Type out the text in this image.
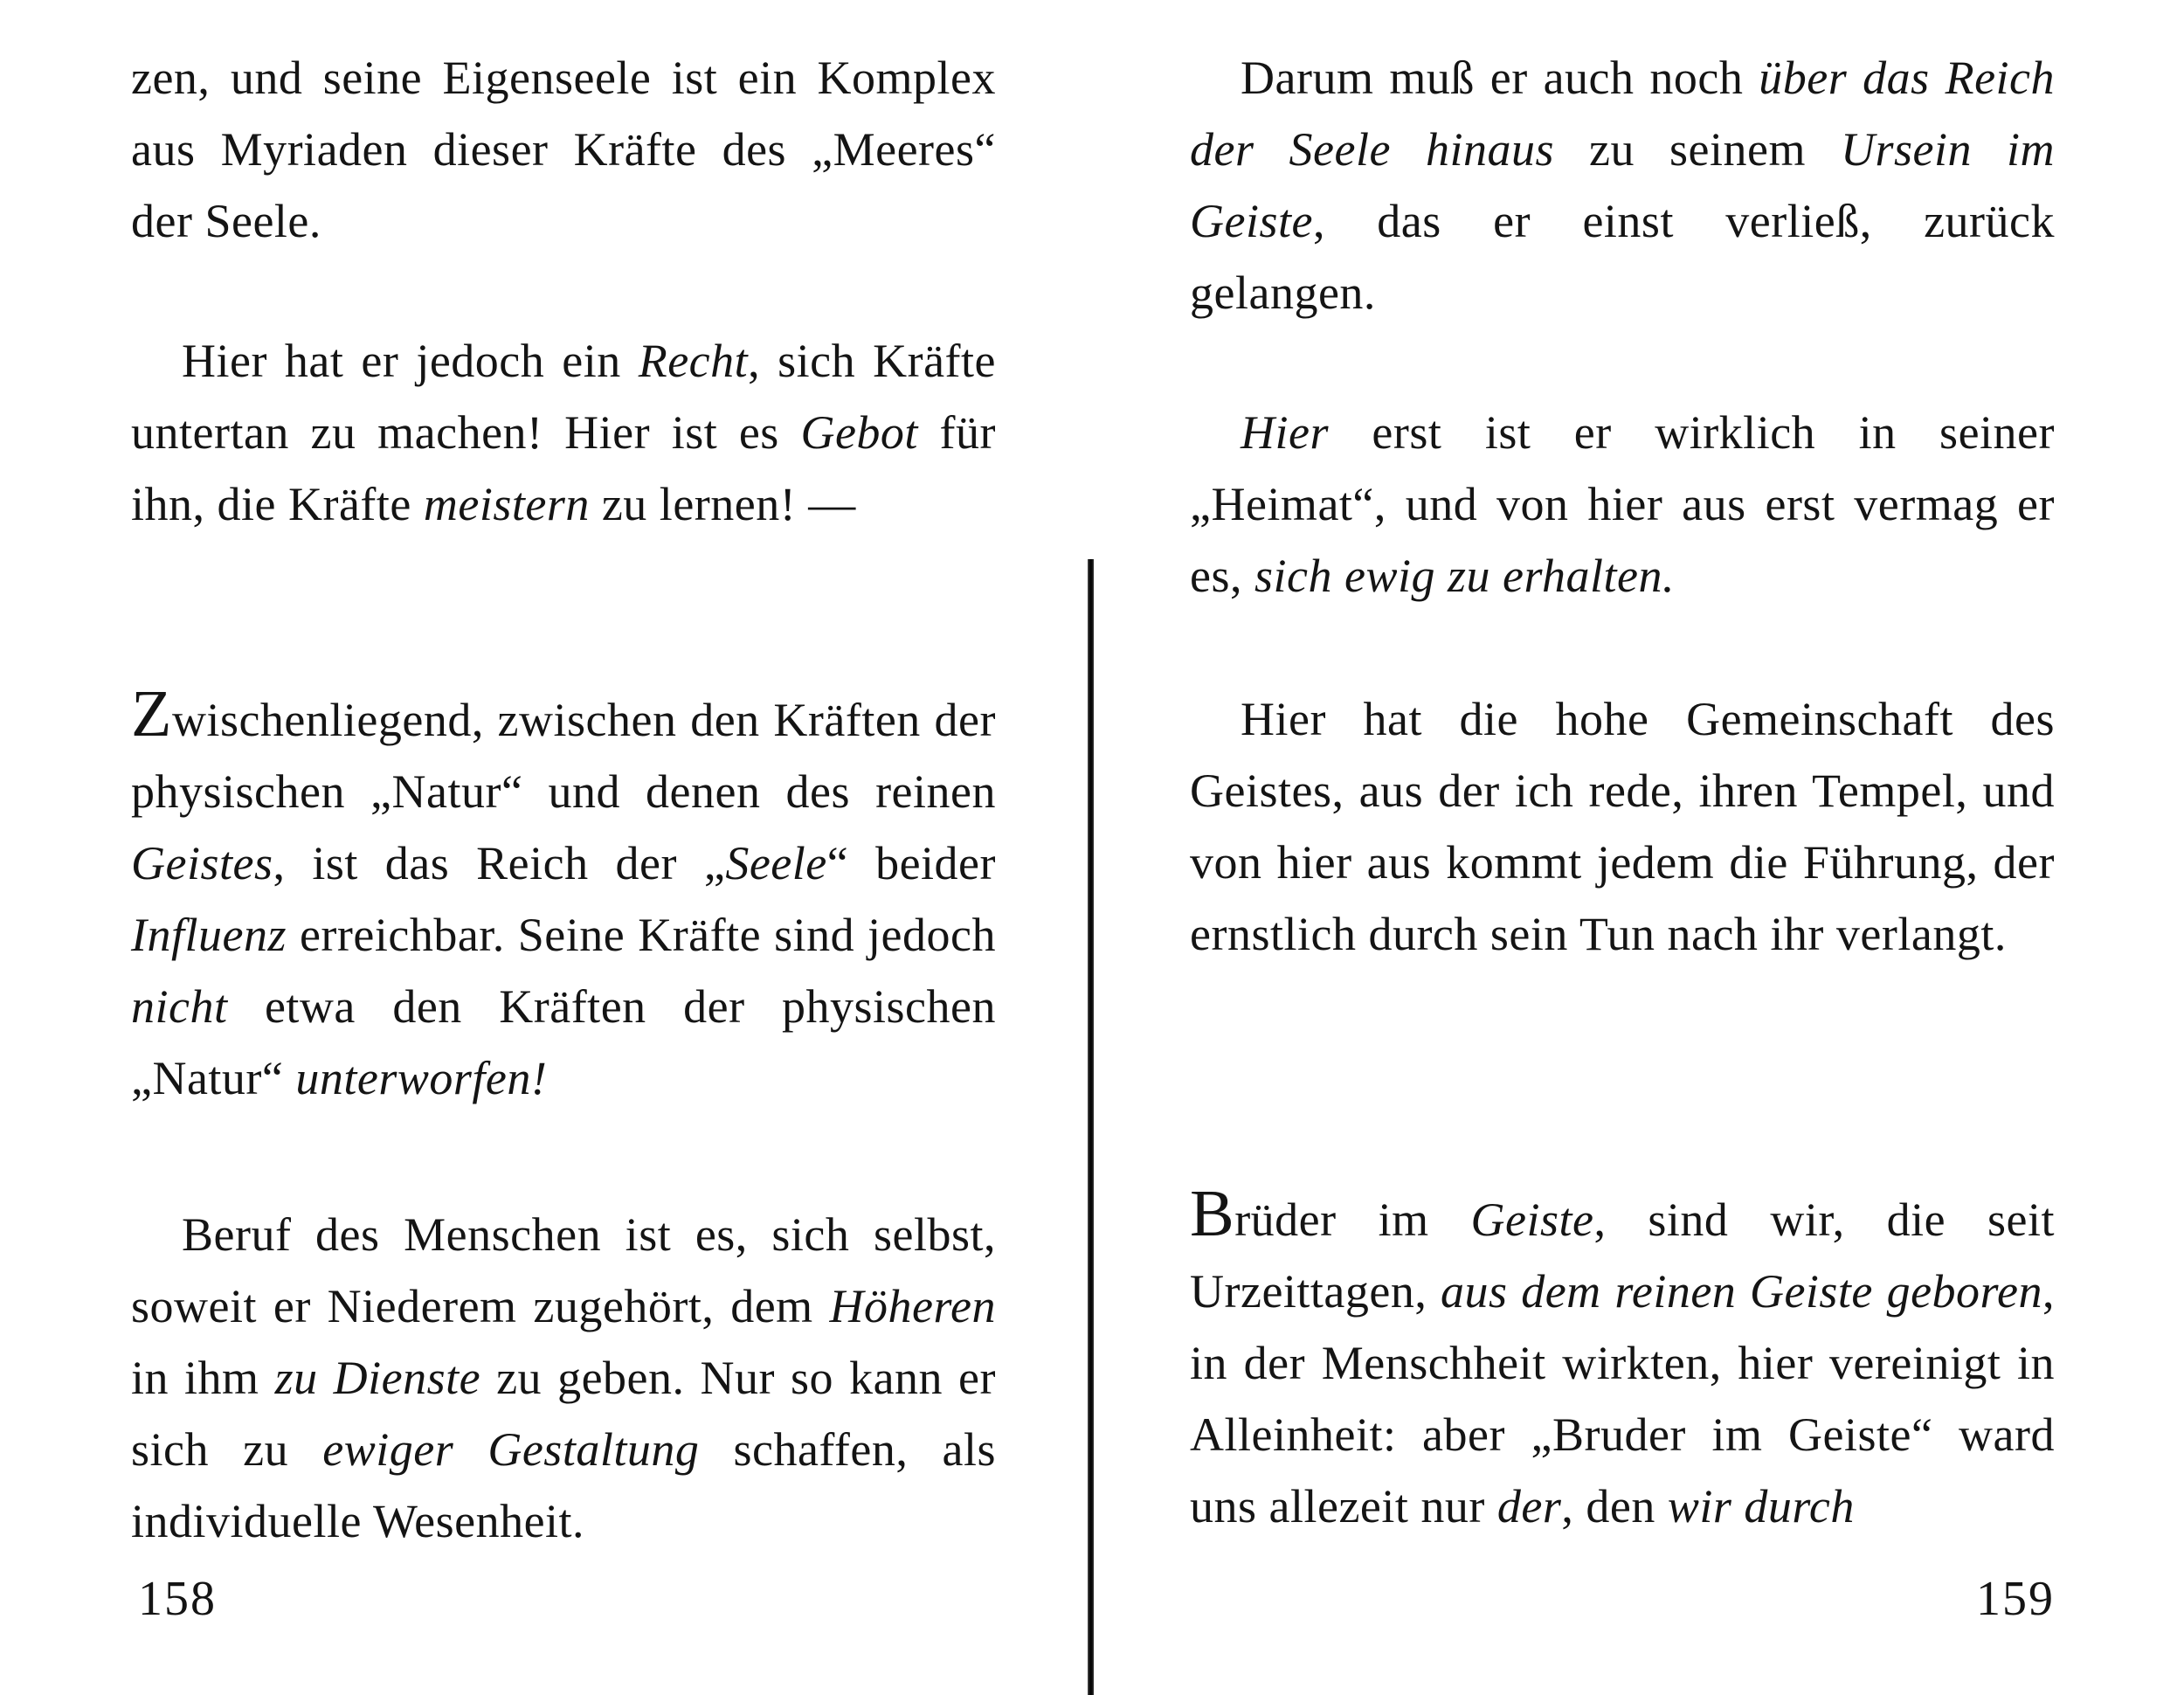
zen, und seine Eigenseele ist ein Komplex aus Myriaden dieser Kräfte des „Meeres“ der Seele.

Hier hat er jedoch ein Recht, sich Kräfte untertan zu machen! Hier ist es Gebot für ihn, die Kräfte meistern zu lernen! —

Zwischenliegend, zwischen den Kräften der physischen „Natur“ und denen des reinen Geistes, ist das Reich der „Seele“ beider Influenz erreichbar. Seine Kräfte sind jedoch nicht etwa den Kräften der physischen „Natur“ unterworfen!

Beruf des Menschen ist es, sich selbst, soweit er Niederem zugehört, dem Höheren in ihm zu Dienste zu geben. Nur so kann er sich zu ewiger Gestaltung schaffen, als individuelle Wesenheit.

158

Darum muß er auch noch über das Reich der Seele hinaus zu seinem Ursein im Geiste, das er einst verließ, zurück gelangen.

Hier erst ist er wirklich in seiner „Heimat“, und von hier aus erst vermag er es, sich ewig zu erhalten.

Hier hat die hohe Gemeinschaft des Geistes, aus der ich rede, ihren Tempel, und von hier aus kommt jedem die Führung, der ernstlich durch sein Tun nach ihr verlangt.

Brüder im Geiste, sind wir, die seit Urzeittagen, aus dem reinen Geiste geboren, in der Menschheit wirkten, hier vereinigt in Alleinheit: aber „Bruder im Geiste“ ward uns allezeit nur der, den wir durch

159
